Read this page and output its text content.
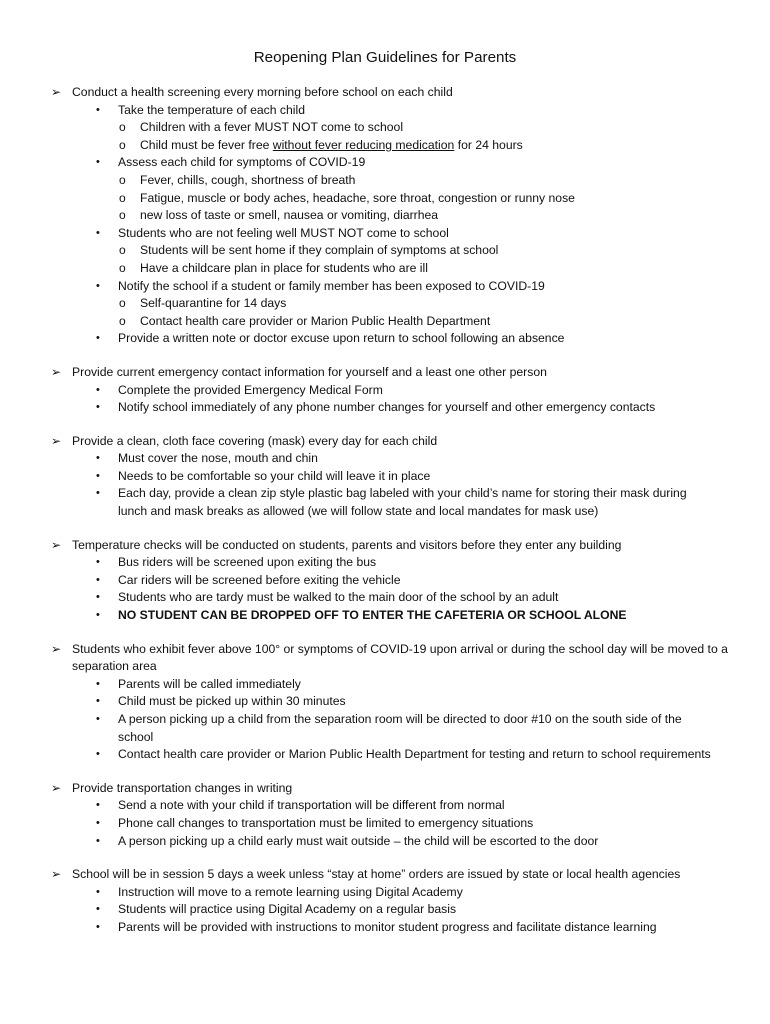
Reopening Plan Guidelines for Parents
➢ Conduct a health screening every morning before school on each child
• Take the temperature of each child
o Children with a fever MUST NOT come to school
o Child must be fever free without fever reducing medication for 24 hours
• Assess each child for symptoms of COVID-19
o Fever, chills, cough, shortness of breath
o Fatigue, muscle or body aches, headache, sore throat, congestion or runny nose
o new loss of taste or smell, nausea or vomiting, diarrhea
• Students who are not feeling well MUST NOT come to school
o Students will be sent home if they complain of symptoms at school
o Have a childcare plan in place for students who are ill
• Notify the school if a student or family member has been exposed to COVID-19
o Self-quarantine for 14 days
o Contact health care provider or Marion Public Health Department
• Provide a written note or doctor excuse upon return to school following an absence
➢ Provide current emergency contact information for yourself and a least one other person
• Complete the provided Emergency Medical Form
• Notify school immediately of any phone number changes for yourself and other emergency contacts
➢ Provide a clean, cloth face covering (mask) every day for each child
• Must cover the nose, mouth and chin
• Needs to be comfortable so your child will leave it in place
• Each day, provide a clean zip style plastic bag labeled with your child’s name for storing their mask during lunch and mask breaks as allowed (we will follow state and local mandates for mask use)
➢ Temperature checks will be conducted on students, parents and visitors before they enter any building
• Bus riders will be screened upon exiting the bus
• Car riders will be screened before exiting the vehicle
• Students who are tardy must be walked to the main door of the school by an adult
• NO STUDENT CAN BE DROPPED OFF TO ENTER THE CAFETERIA OR SCHOOL ALONE
➢ Students who exhibit fever above 100° or symptoms of COVID-19 upon arrival or during the school day will be moved to a separation area
• Parents will be called immediately
• Child must be picked up within 30 minutes
• A person picking up a child from the separation room will be directed to door #10 on the south side of the school
• Contact health care provider or Marion Public Health Department for testing and return to school requirements
➢ Provide transportation changes in writing
• Send a note with your child if transportation will be different from normal
• Phone call changes to transportation must be limited to emergency situations
• A person picking up a child early must wait outside – the child will be escorted to the door
➢ School will be in session 5 days a week unless “stay at home” orders are issued by state or local health agencies
• Instruction will move to a remote learning using Digital Academy
• Students will practice using Digital Academy on a regular basis
• Parents will be provided with instructions to monitor student progress and facilitate distance learning
